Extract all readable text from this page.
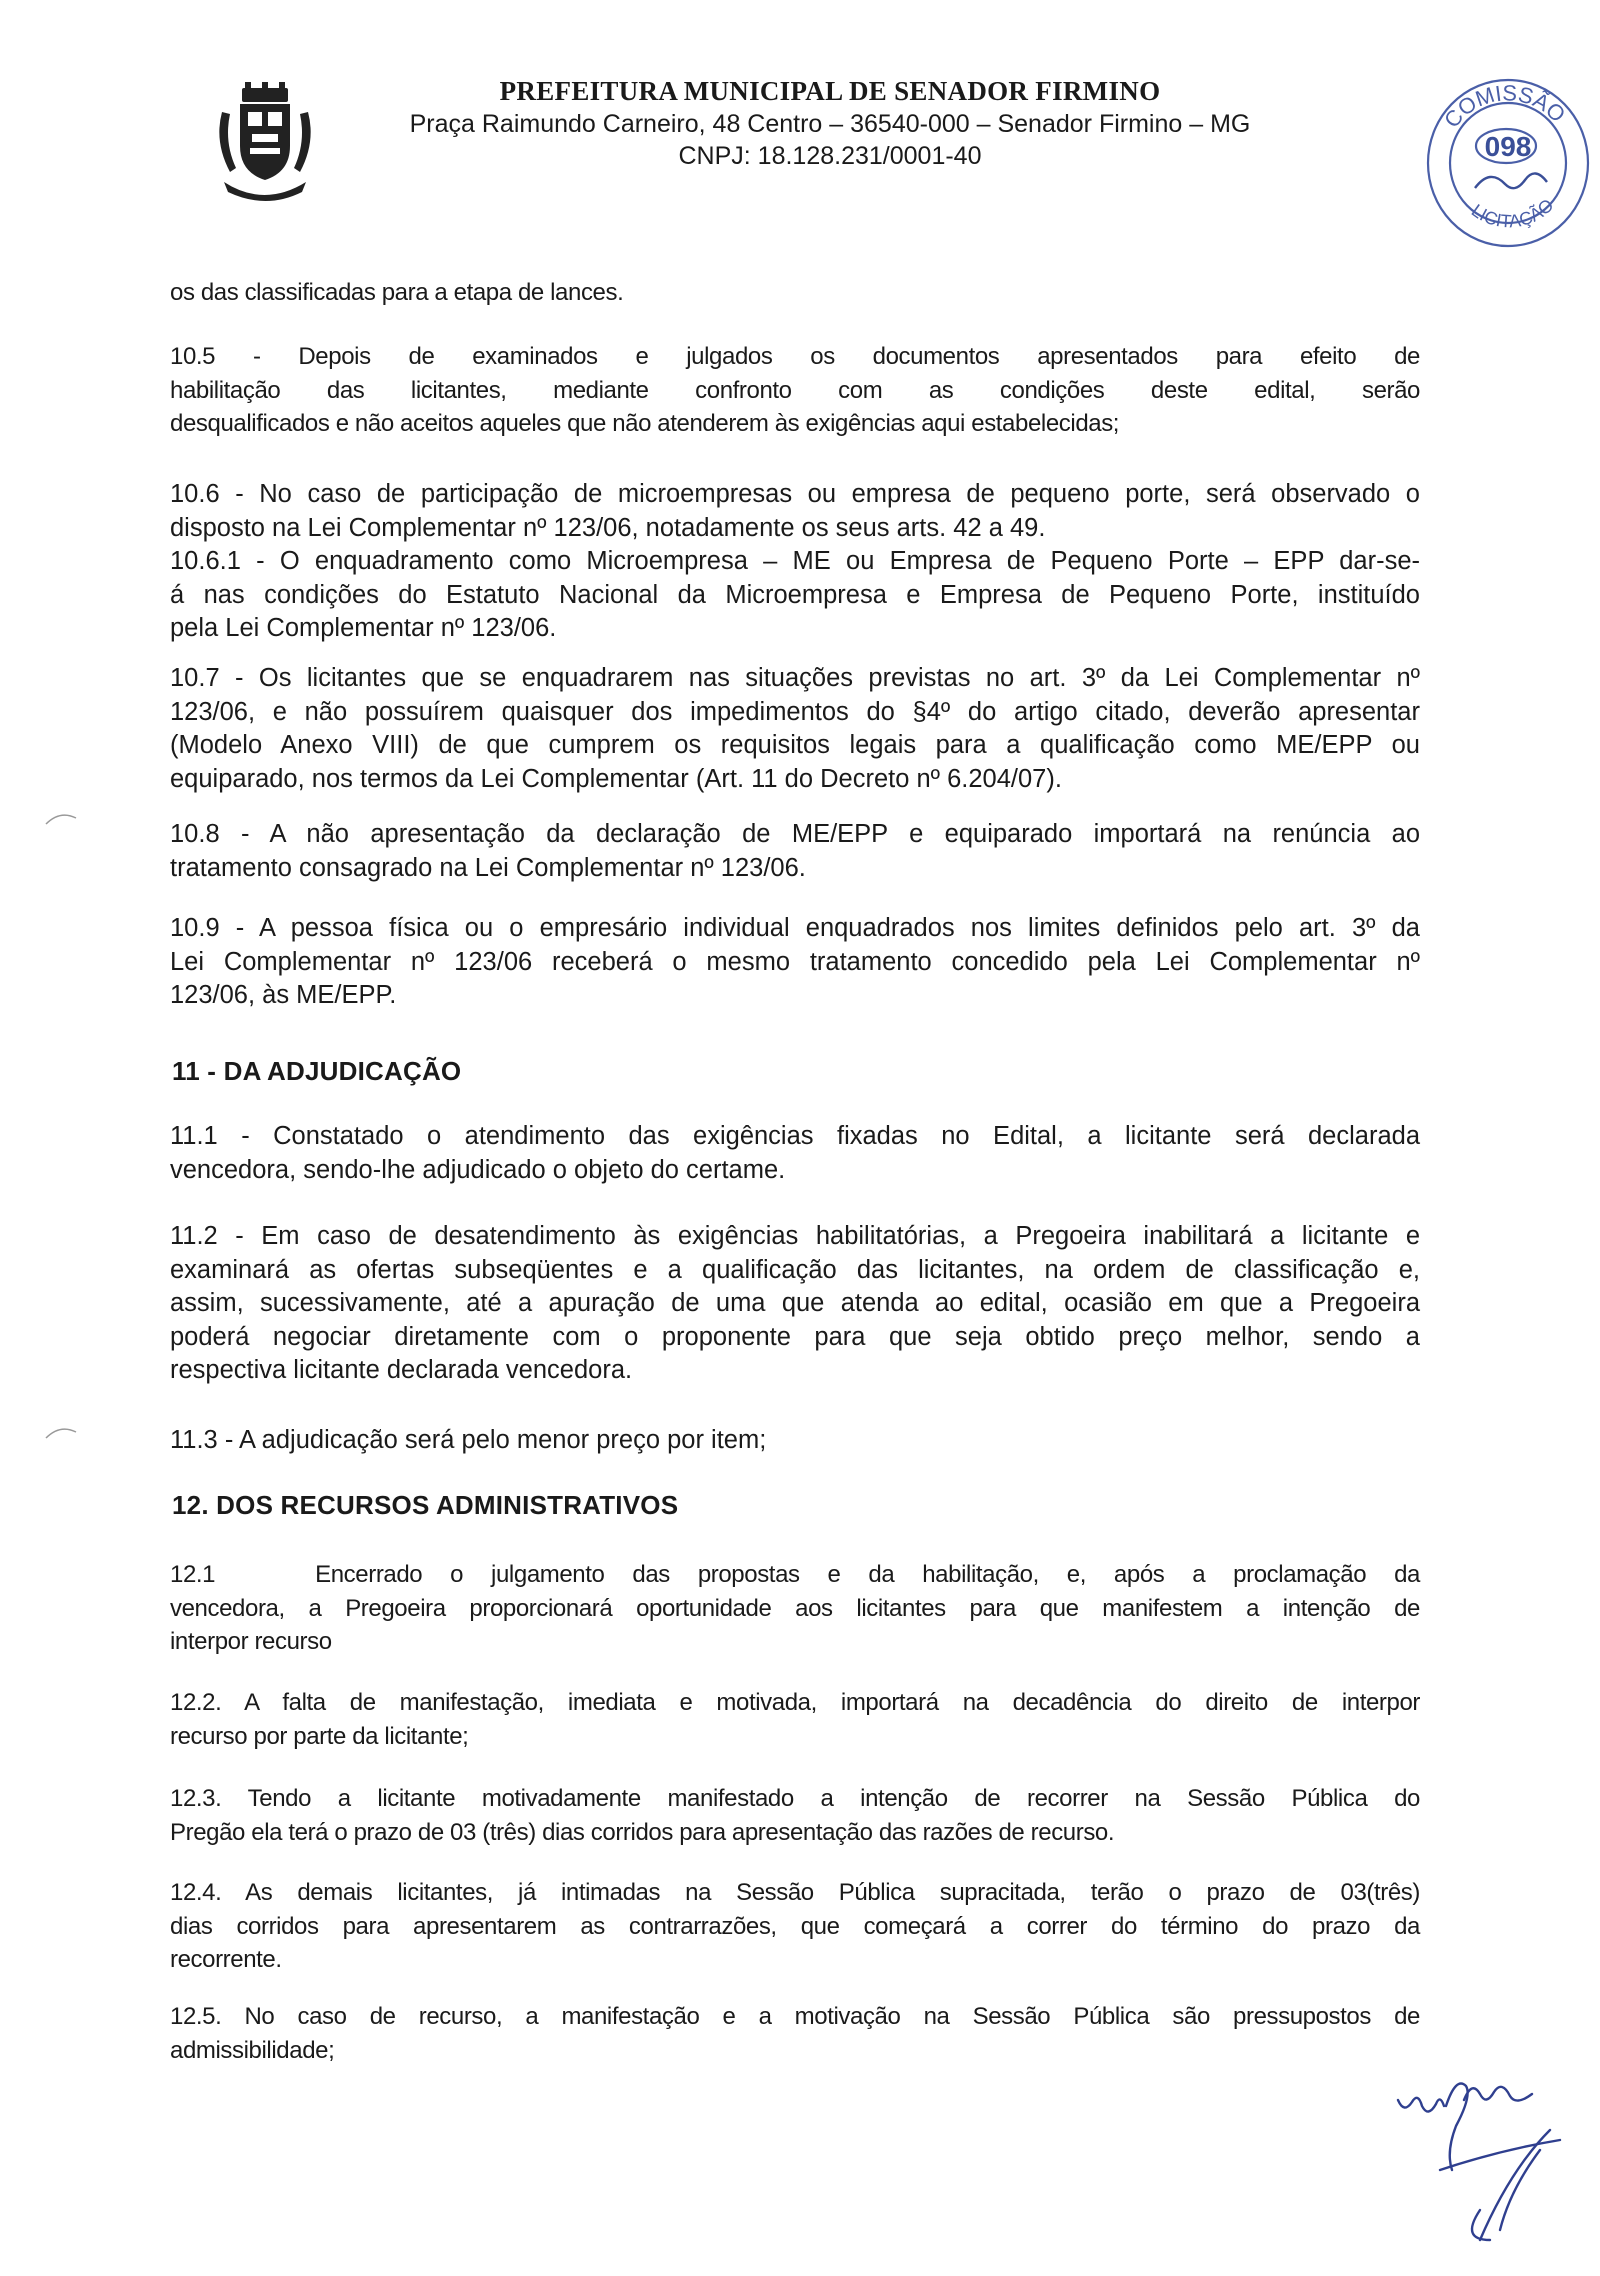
PREFEITURA MUNICIPAL DE SENADOR FIRMINO
Praça Raimundo Carneiro, 48 Centro – 36540-000 – Senador Firmino – MG
CNPJ: 18.128.231/0001-40
COMISSÃO
098
LICITAÇÃO
os das classificadas para a etapa de lances.
10.5 - Depois de examinados e julgados os documentos apresentados para efeito de
habilitação das licitantes, mediante confronto com as condições deste edital, serão
desqualificados e não aceitos aqueles que não atenderem às exigências aqui estabelecidas;
10.6 - No caso de participação de microempresas ou empresa de pequeno porte, será observado o
disposto na Lei Complementar nº 123/06, notadamente os seus arts. 42 a 49.
10.6.1 - O enquadramento como Microempresa – ME ou Empresa de Pequeno Porte – EPP dar-se-
á nas condições do Estatuto Nacional da Microempresa e Empresa de Pequeno Porte, instituído
pela Lei Complementar nº 123/06.
10.7 - Os licitantes que se enquadrarem nas situações previstas no art. 3º da Lei Complementar nº
123/06, e não possuírem quaisquer dos impedimentos do §4º do artigo citado, deverão apresentar
(Modelo Anexo VIII) de que cumprem os requisitos legais para a qualificação como ME/EPP ou
equiparado, nos termos da Lei Complementar (Art. 11 do Decreto nº 6.204/07).
10.8 - A não apresentação da declaração de ME/EPP e equiparado importará na renúncia ao
tratamento consagrado na Lei Complementar nº 123/06.
10.9 - A pessoa física ou o empresário individual enquadrados nos limites definidos pelo art. 3º da
Lei Complementar nº 123/06 receberá o mesmo tratamento concedido pela Lei Complementar nº
123/06, às ME/EPP.
11 - DA ADJUDICAÇÃO
11.1 - Constatado o atendimento das exigências fixadas no Edital, a licitante será declarada
vencedora, sendo-lhe adjudicado o objeto do certame.
11.2 - Em caso de desatendimento às exigências habilitatórias, a Pregoeira inabilitará a licitante e
examinará as ofertas subseqüentes e a qualificação das licitantes, na ordem de classificação e,
assim, sucessivamente, até a apuração de uma que atenda ao edital, ocasião em que a Pregoeira
poderá negociar diretamente com o proponente para que seja obtido preço melhor, sendo a
respectiva licitante declarada vencedora.
11.3 - A adjudicação será pelo menor preço por item;
12. DOS RECURSOS ADMINISTRATIVOS
12.1	Encerrado o julgamento das propostas e da habilitação, e, após a proclamação da
vencedora, a Pregoeira proporcionará oportunidade aos licitantes para que manifestem a intenção de
interpor recurso
12.2. A falta de manifestação, imediata e motivada, importará na decadência do direito de interpor
recurso por parte da licitante;
12.3. Tendo a licitante motivadamente manifestado a intenção de recorrer na Sessão Pública do
Pregão ela terá o prazo de 03 (três) dias corridos para apresentação das razões de recurso.
12.4. As demais licitantes, já intimadas na Sessão Pública supracitada, terão o prazo de 03(três)
dias corridos para apresentarem as contrarrazões, que começará a correr do término do prazo da
recorrente.
12.5. No caso de recurso, a manifestação e a motivação na Sessão Pública são pressupostos de
admissibilidade;
